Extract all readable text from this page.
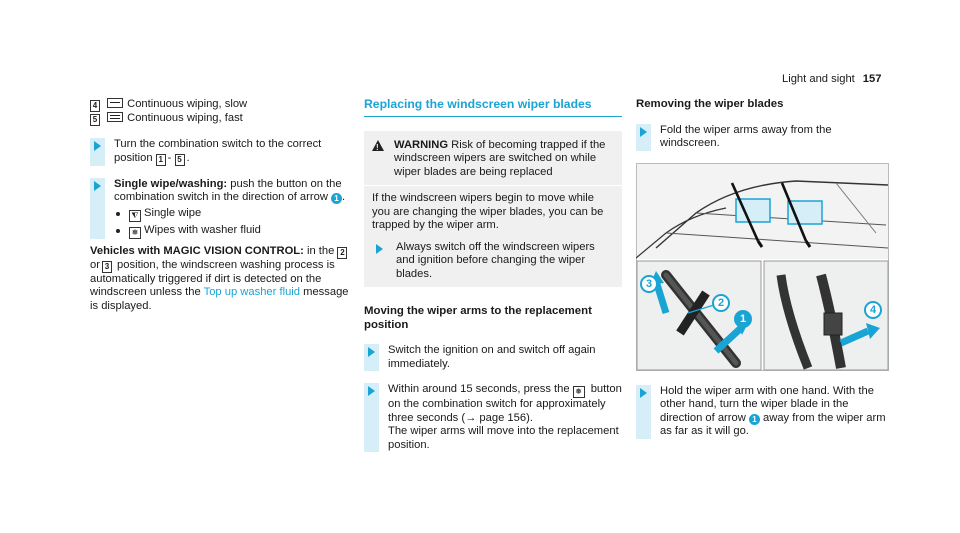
Light and sight 157
4	Continuous wiping, slow
5	Continuous wiping, fast
Turn the combination switch to the correct position 1 - 5 .
Single wipe/washing: push the button on the combination switch in the direction of arrow 1 .
⧨ Single wipe
❅ Wipes with washer fluid
Vehicles with MAGIC VISION CONTROL: in the 2or 3 position, the windscreen washing process is automatically triggered if dirt is detected on the windscreen unless the Top up washer fluid message is displayed.
Replacing the windscreen wiper blades
!
WARNING Risk of becoming trapped if the windscreen wipers are switched on while wiper blades are being replaced
If the windscreen wipers begin to move while you are changing the wiper blades, you can be trapped by the wiper arm.
Always switch off the windscreen wipers and ignition before changing the wiper blades.
Moving the wiper arms to the replacement position
Switch the ignition on and switch off again immediately.
Within around 15 seconds, press the ❅ button on the combination switch for approximately three seconds (→ page 156).
The wiper arms will move into the replacement position.
Removing the wiper blades
Fold the wiper arms away from the windscreen.
3
2
1
4
Hold the wiper arm with one hand. With the other hand, turn the wiper blade in the direction of arrow 1 away from the wiper arm as far as it will go.
